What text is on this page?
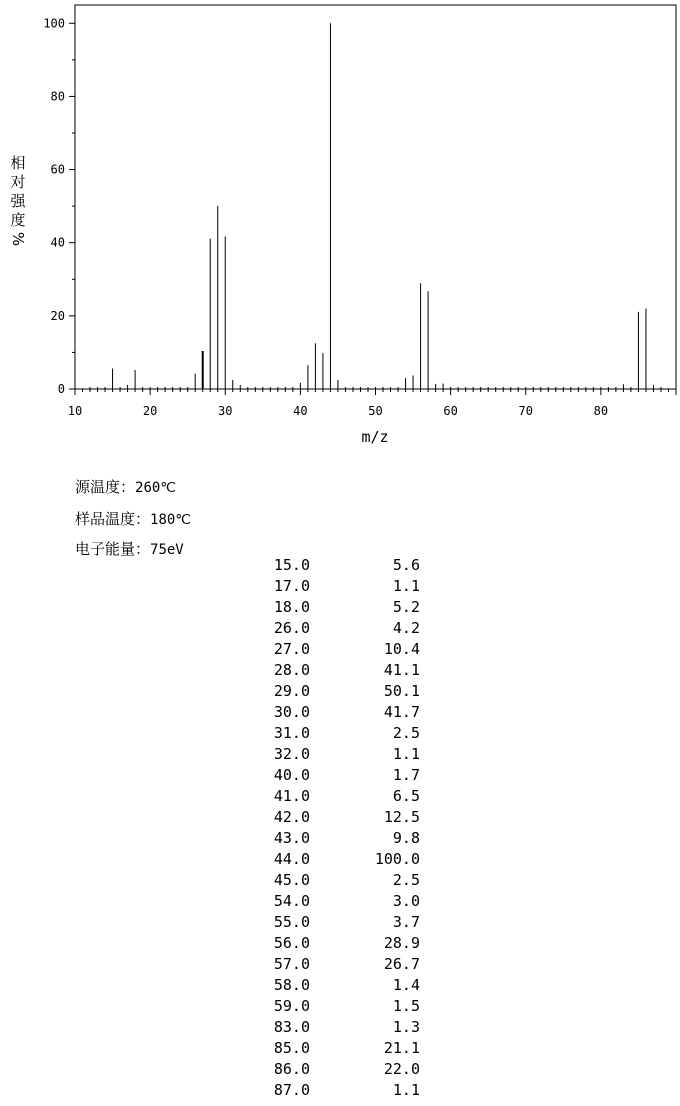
10	20	30	40	50	60	70	80
0
20
40
60
80
100
m/z
相
对
强
度
%
源温度：260℃
样品温度：180℃
电子能量：75eV
15.0	5.6
17.0	1.1
18.0	5.2
26.0	4.2
27.0	10.4
28.0	41.1
29.0	50.1
30.0	41.7
31.0	2.5
32.0	1.1
40.0	1.7
41.0	6.5
42.0	12.5
43.0	9.8
44.0	100.0
45.0	2.5
54.0	3.0
55.0	3.7
56.0	28.9
57.0	26.7
58.0	1.4
59.0	1.5
83.0	1.3
85.0	21.1
86.0	22.0
87.0	1.1
